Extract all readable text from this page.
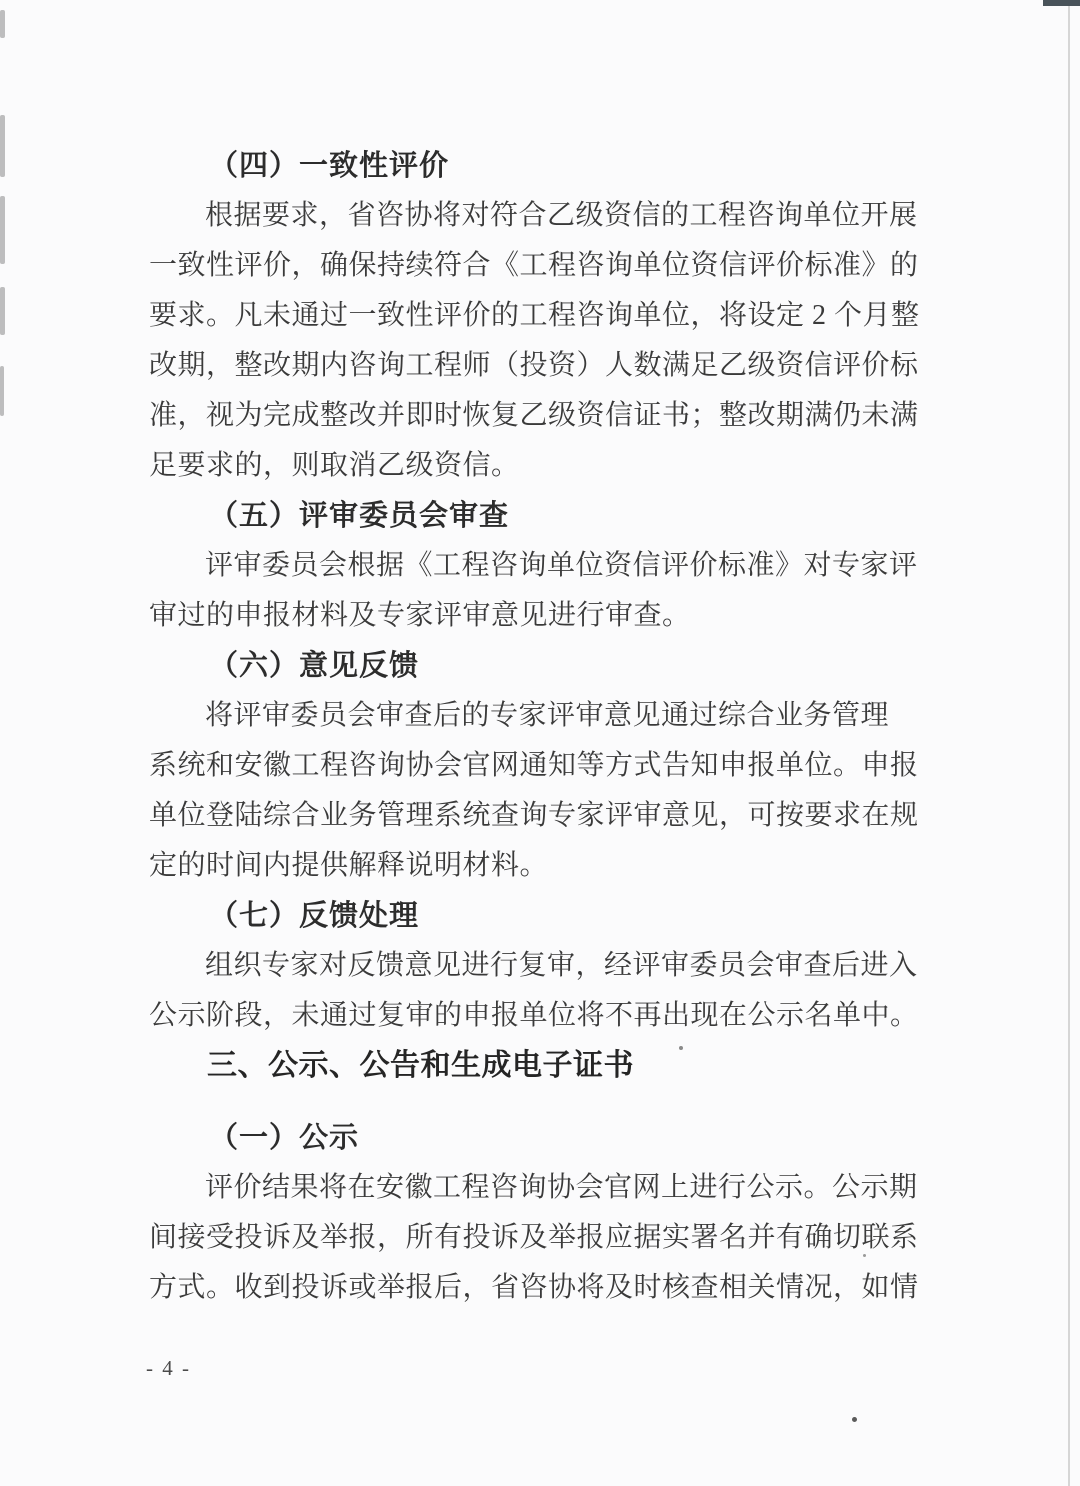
（四）一致性评价
根据要求，省咨协将对符合乙级资信的工程咨询单位开展
一致性评价，确保持续符合《工程咨询单位资信评价标准》的
要求。凡未通过一致性评价的工程咨询单位，将设定 2 个月整
改期，整改期内咨询工程师（投资）人数满足乙级资信评价标
准，视为完成整改并即时恢复乙级资信证书；整改期满仍未满
足要求的，则取消乙级资信。
（五）评审委员会审查
评审委员会根据《工程咨询单位资信评价标准》对专家评
审过的申报材料及专家评审意见进行审查。
（六）意见反馈
将评审委员会审查后的专家评审意见通过综合业务管理
系统和安徽工程咨询协会官网通知等方式告知申报单位。申报
单位登陆综合业务管理系统查询专家评审意见，可按要求在规
定的时间内提供解释说明材料。
（七）反馈处理
组织专家对反馈意见进行复审，经评审委员会审查后进入
公示阶段，未通过复审的申报单位将不再出现在公示名单中。
三、公示、公告和生成电子证书
（一）公示
评价结果将在安徽工程咨询协会官网上进行公示。公示期
间接受投诉及举报，所有投诉及举报应据实署名并有确切联系
方式。收到投诉或举报后，省咨协将及时核查相关情况，如情
- 4 -
